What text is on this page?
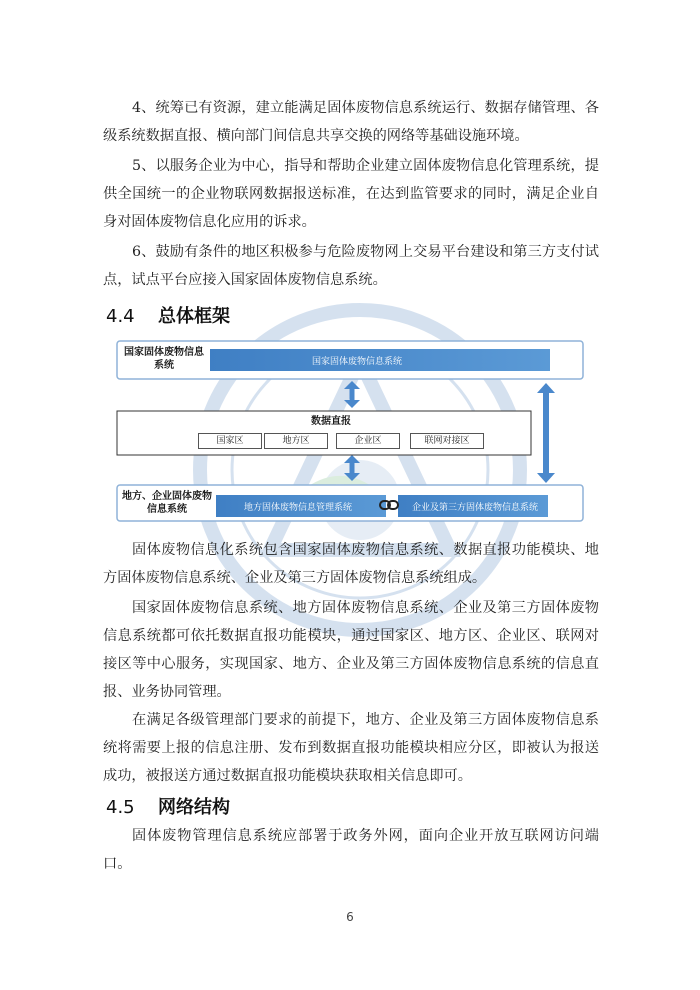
4、统筹已有资源，建立能满足固体废物信息系统运行、数据存储管理、各级系统数据直报、横向部门间信息共享交换的网络等基础设施环境。

5、以服务企业为中心，指导和帮助企业建立固体废物信息化管理系统，提供全国统一的企业物联网数据报送标准，在达到监管要求的同时，满足企业自身对固体废物信息化应用的诉求。

6、鼓励有条件的地区积极参与危险废物网上交易平台建设和第三方支付试点，试点平台应接入国家固体废物信息系统。

4.4 总体框架
国家固体废物信息系统	国家固体废物信息系统
数据直报
国家区	地方区	企业区	联网对接区
地方、企业固体废物信息系统	地方固体废物信息管理系统	企业及第三方固体废物信息系统

固体废物信息化系统包含国家固体废物信息系统、数据直报功能模块、地方固体废物信息系统、企业及第三方固体废物信息系统组成。

国家固体废物信息系统、地方固体废物信息系统、企业及第三方固体废物信息系统都可依托数据直报功能模块，通过国家区、地方区、企业区、联网对接区等中心服务，实现国家、地方、企业及第三方固体废物信息系统的信息直报、业务协同管理。

在满足各级管理部门要求的前提下，地方、企业及第三方固体废物信息系统将需要上报的信息注册、发布到数据直报功能模块相应分区，即被认为报送成功，被报送方通过数据直报功能模块获取相关信息即可。

4.5 网络结构

固体废物管理信息系统应部署于政务外网，面向企业开放互联网访问端口。

6
